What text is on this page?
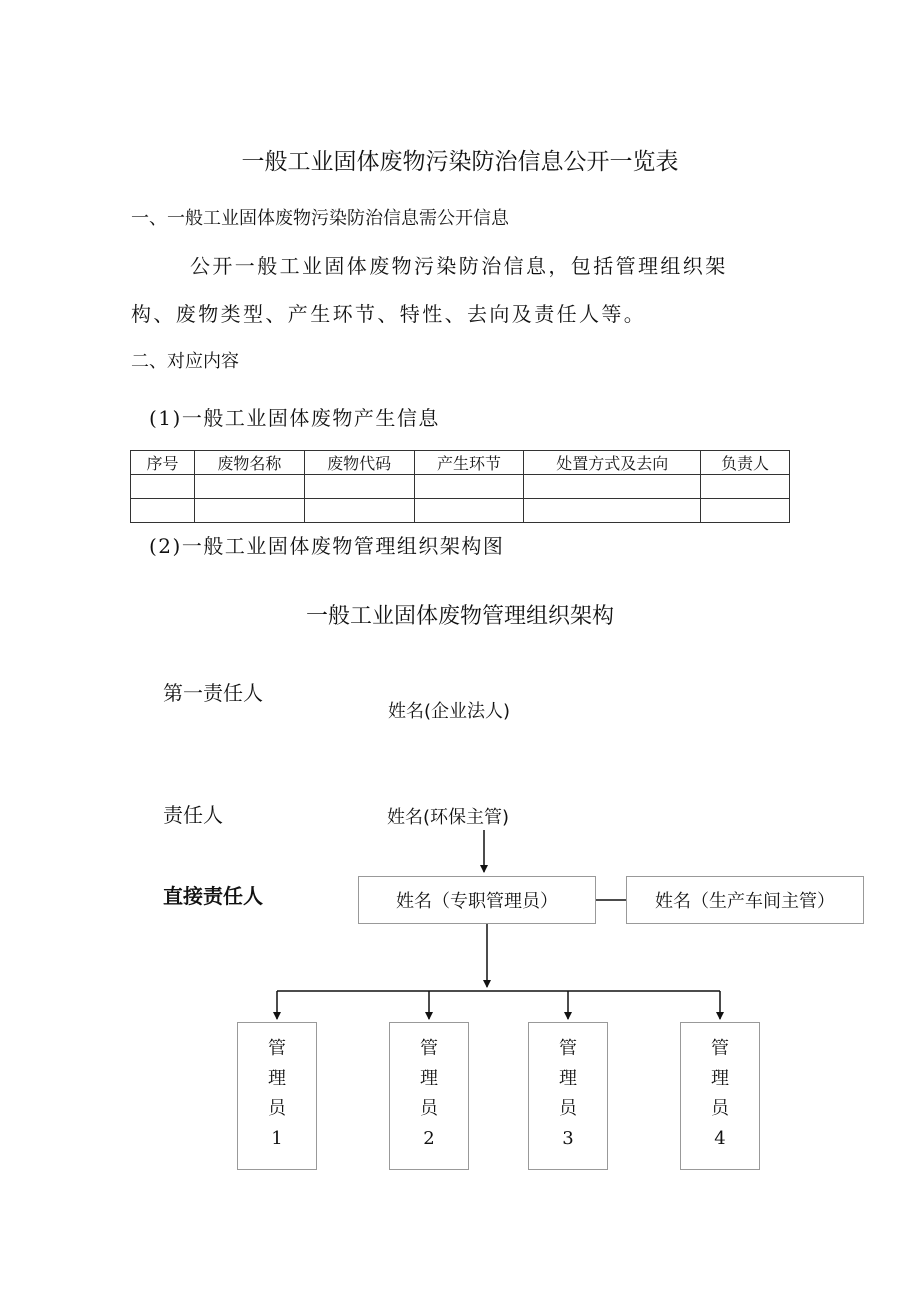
一般工业固体废物污染防治信息公开一览表
一、一般工业固体废物污染防治信息需公开信息
公开一般工业固体废物污染防治信息，包括管理组织架
构、废物类型、产生环节、特性、去向及责任人等。
二、对应内容
(1)一般工业固体废物产生信息
序号	废物名称	废物代码	产生环节	处置方式及去向	负责人

(2)一般工业固体废物管理组织架构图
一般工业固体废物管理组织架构
第一责任人
责任人
直接责任人
姓名(企业法人)
姓名(环保主管)
姓名（专职管理员）	姓名（生产车间主管）
管
理
员
1
管
理
员
2
管
理
员
3
管
理
员
4
